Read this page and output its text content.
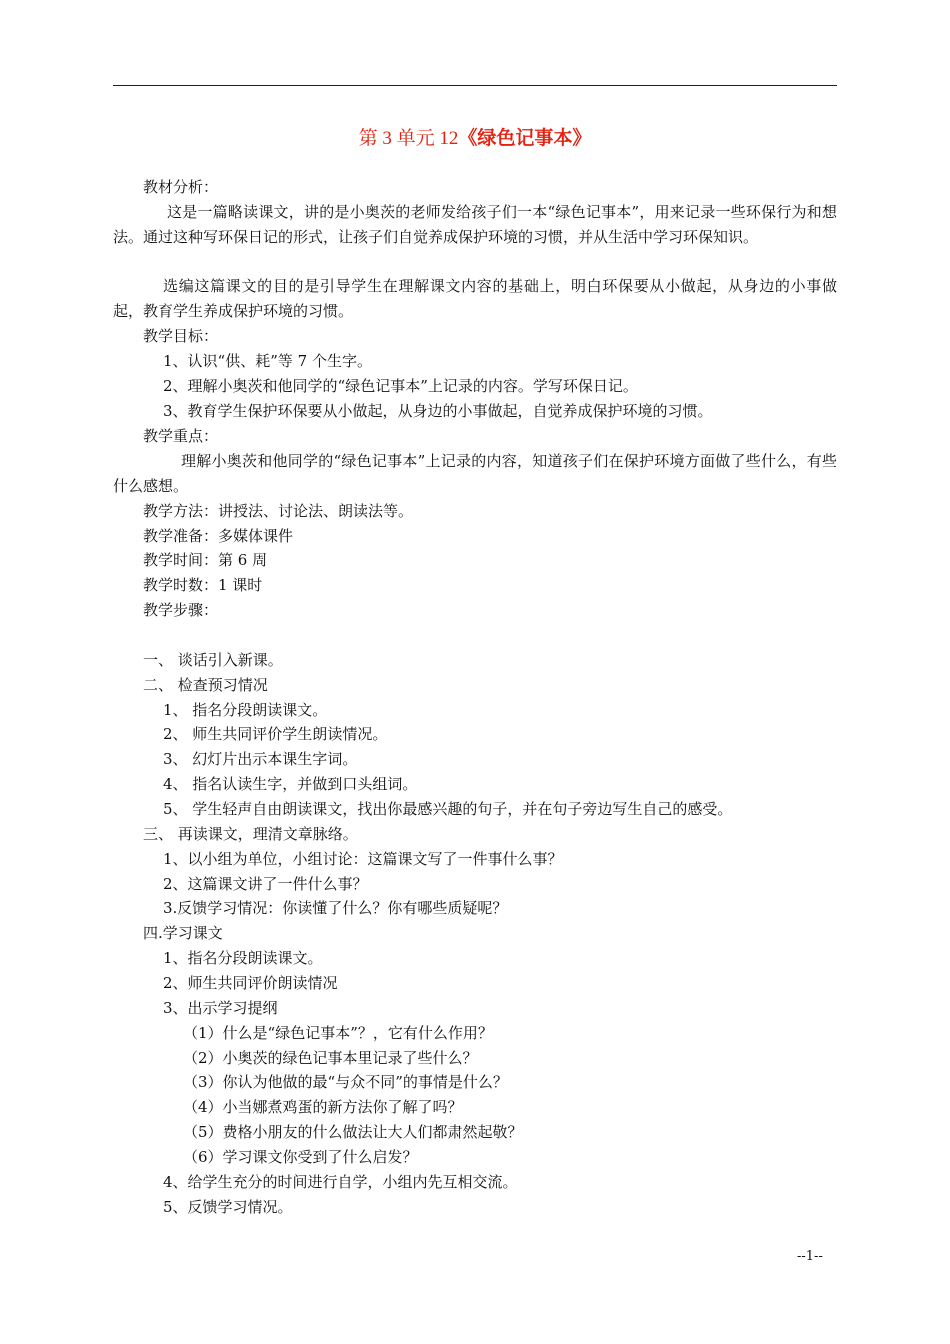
第 3 单元 12《绿色记事本》
教材分析：
这是一篇略读课文，讲的是小奥茨的老师发给孩子们一本“绿色记事本”，用来记录一些环保行为和想法。通过这种写环保日记的形式，让孩子们自觉养成保护环境的习惯，并从生活中学习环保知识。
选编这篇课文的目的是引导学生在理解课文内容的基础上，明白环保要从小做起，从身边的小事做起，教育学生养成保护环境的习惯。
教学目标：
1、认识“供、耗”等 7 个生字。
2、理解小奥茨和他同学的“绿色记事本”上记录的内容。学写环保日记。
3、教育学生保护环保要从小做起，从身边的小事做起，自觉养成保护环境的习惯。
教学重点：
理解小奥茨和他同学的“绿色记事本”上记录的内容，知道孩子们在保护环境方面做了些什么，有些什么感想。
教学方法：讲授法、讨论法、朗读法等。
教学准备：多媒体课件
教学时间：第 6 周
教学时数：1 课时
教学步骤：
一、 谈话引入新课。
二、 检查预习情况
1、 指名分段朗读课文。
2、 师生共同评价学生朗读情况。
3、 幻灯片出示本课生字词。
4、 指名认读生字，并做到口头组词。
5、 学生轻声自由朗读课文，找出你最感兴趣的句子，并在句子旁边写生自己的感受。
三、 再读课文，理清文章脉络。
1、以小组为单位，小组讨论：这篇课文写了一件事什么事？
2、这篇课文讲了一件什么事？
3.反馈学习情况：你读懂了什么？你有哪些质疑呢？
四.学习课文
1、指名分段朗读课文。
2、师生共同评价朗读情况
3、出示学习提纲
（1）什么是“绿色记事本”？，它有什么作用？
（2）小奥茨的绿色记事本里记录了些什么？
（3）你认为他做的最“与众不同”的事情是什么？
（4）小当娜煮鸡蛋的新方法你了解了吗？
（5）费格小朋友的什么做法让大人们都肃然起敬？
（6）学习课文你受到了什么启发？
4、给学生充分的时间进行自学，小组内先互相交流。
5、反馈学习情况。
--1--
